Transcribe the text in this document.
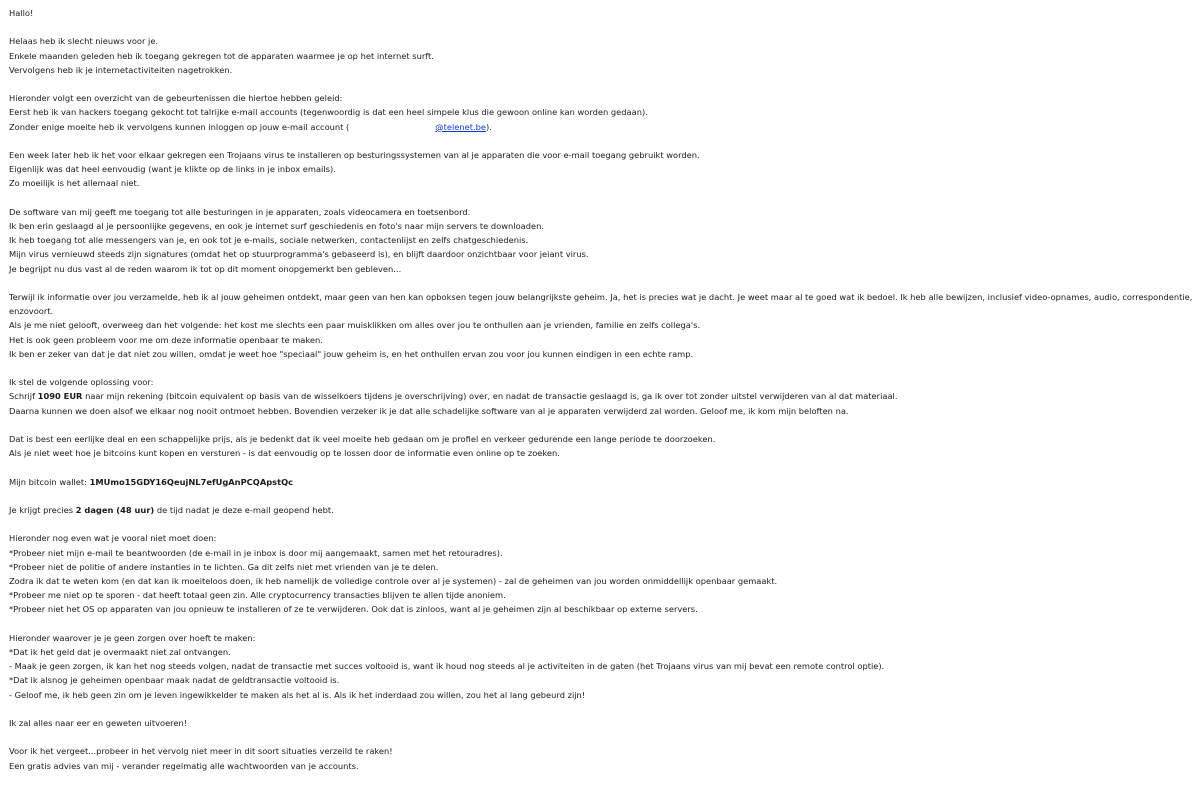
Hallo!
Helaas heb ik slecht nieuws voor je.
Enkele maanden geleden heb ik toegang gekregen tot de apparaten waarmee je op het internet surft.
Vervolgens heb ik je internetactiviteiten nagetrokken.
Hieronder volgt een overzicht van de gebeurtenissen die hiertoe hebben geleid:
Eerst heb ik van hackers toegang gekocht tot talrijke e-mail accounts (tegenwoordig is dat een heel simpele klus die gewoon online kan worden gedaan).
Zonder enige moeite heb ik vervolgens kunnen inloggen op jouw e-mail account (	@telenet.be).
Een week later heb ik het voor elkaar gekregen een Trojaans virus te installeren op besturingssystemen van al je apparaten die voor e-mail toegang gebruikt worden.
Eigenlijk was dat heel eenvoudig (want je klikte op de links in je inbox emails).
Zo moeilijk is het allemaal niet.
De software van mij geeft me toegang tot alle besturingen in je apparaten, zoals videocamera en toetsenbord.
Ik ben erin geslaagd al je persoonlijke gegevens, en ook je internet surf geschiedenis en foto's naar mijn servers te downloaden.
Ik heb toegang tot alle messengers van je, en ook tot je e-mails, sociale netwerken, contactenlijst en zelfs chatgeschiedenis.
Mijn virus vernieuwd steeds zijn signatures (omdat het op stuurprogramma's gebaseerd is), en blijft daardoor onzichtbaar voor jeiant virus.
Je begrijpt nu dus vast al de reden waarom ik tot op dit moment onopgemerkt ben gebleven...
Terwijl ik informatie over jou verzamelde, heb ik al jouw geheimen ontdekt, maar geen van hen kan opboksen tegen jouw belangrijkste geheim. Ja, het is precies wat je dacht. Je weet maar al te goed wat ik bedoel. Ik heb alle bewijzen, inclusief video-opnames, audio, correspondentie, enzovoort.
Als je me niet gelooft, overweeg dan het volgende: het kost me slechts een paar muisklikken om alles over jou te onthullen aan je vrienden, familie en zelfs collega's.
Het is ook geen probleem voor me om deze informatie openbaar te maken.
Ik ben er zeker van dat je dat niet zou willen, omdat je weet hoe "speciaal" jouw geheim is, en het onthullen ervan zou voor jou kunnen eindigen in een echte ramp.
Ik stel de volgende oplossing voor:
Schrijf 1090 EUR naar mijn rekening (bitcoin equivalent op basis van de wisselkoers tijdens je overschrijving) over, en nadat de transactie geslaagd is, ga ik over tot zonder uitstel verwijderen van al dat materiaal.
Daarna kunnen we doen alsof we elkaar nog nooit ontmoet hebben. Bovendien verzeker ik je dat alle schadelijke software van al je apparaten verwijderd zal worden. Geloof me, ik kom mijn beloften na.
Dat is best een eerlijke deal en een schappelijke prijs, als je bedenkt dat ik veel moeite heb gedaan om je profiel en verkeer gedurende een lange periode te doorzoeken.
Als je niet weet hoe je bitcoins kunt kopen en versturen - is dat eenvoudig op te lossen door de informatie even online op te zoeken.
Mijn bitcoin wallet: 1MUmo15GDY16QeujNL7efUgAnPCQApstQc
Je krijgt precies 2 dagen (48 uur) de tijd nadat je deze e-mail geopend hebt.
Hieronder nog even wat je vooral niet moet doen:
*Probeer niet mijn e-mail te beantwoorden (de e-mail in je inbox is door mij aangemaakt, samen met het retouradres).
*Probeer niet de politie of andere instanties in te lichten. Ga dit zelfs niet met vrienden van je te delen.
Zodra ik dat te weten kom (en dat kan ik moeiteloos doen, ik heb namelijk de volledige controle over al je systemen) - zal de geheimen van jou worden onmiddellijk openbaar gemaakt.
*Probeer me niet op te sporen - dat heeft totaal geen zin. Alle cryptocurrency transacties blijven te allen tijde anoniem.
*Probeer niet het OS op apparaten van jou opnieuw te installeren of ze te verwijderen. Ook dat is zinloos, want al je geheimen zijn al beschikbaar op externe servers.
Hieronder waarover je je geen zorgen over hoeft te maken:
*Dat ik het geld dat je overmaakt niet zal ontvangen.
- Maak je geen zorgen, ik kan het nog steeds volgen, nadat de transactie met succes voltooid is, want ik houd nog steeds al je activiteiten in de gaten (het Trojaans virus van mij bevat een remote control optie).
*Dat ik alsnog je geheimen openbaar maak nadat de geldtransactie voltooid is.
- Geloof me, ik heb geen zin om je leven ingewikkelder te maken als het al is. Als ik het inderdaad zou willen, zou het al lang gebeurd zijn!
Ik zal alles naar eer en geweten uitvoeren!
Voor ik het vergeet...probeer in het vervolg niet meer in dit soort situaties verzeild te raken!
Een gratis advies van mij - verander regelmatig alle wachtwoorden van je accounts.
